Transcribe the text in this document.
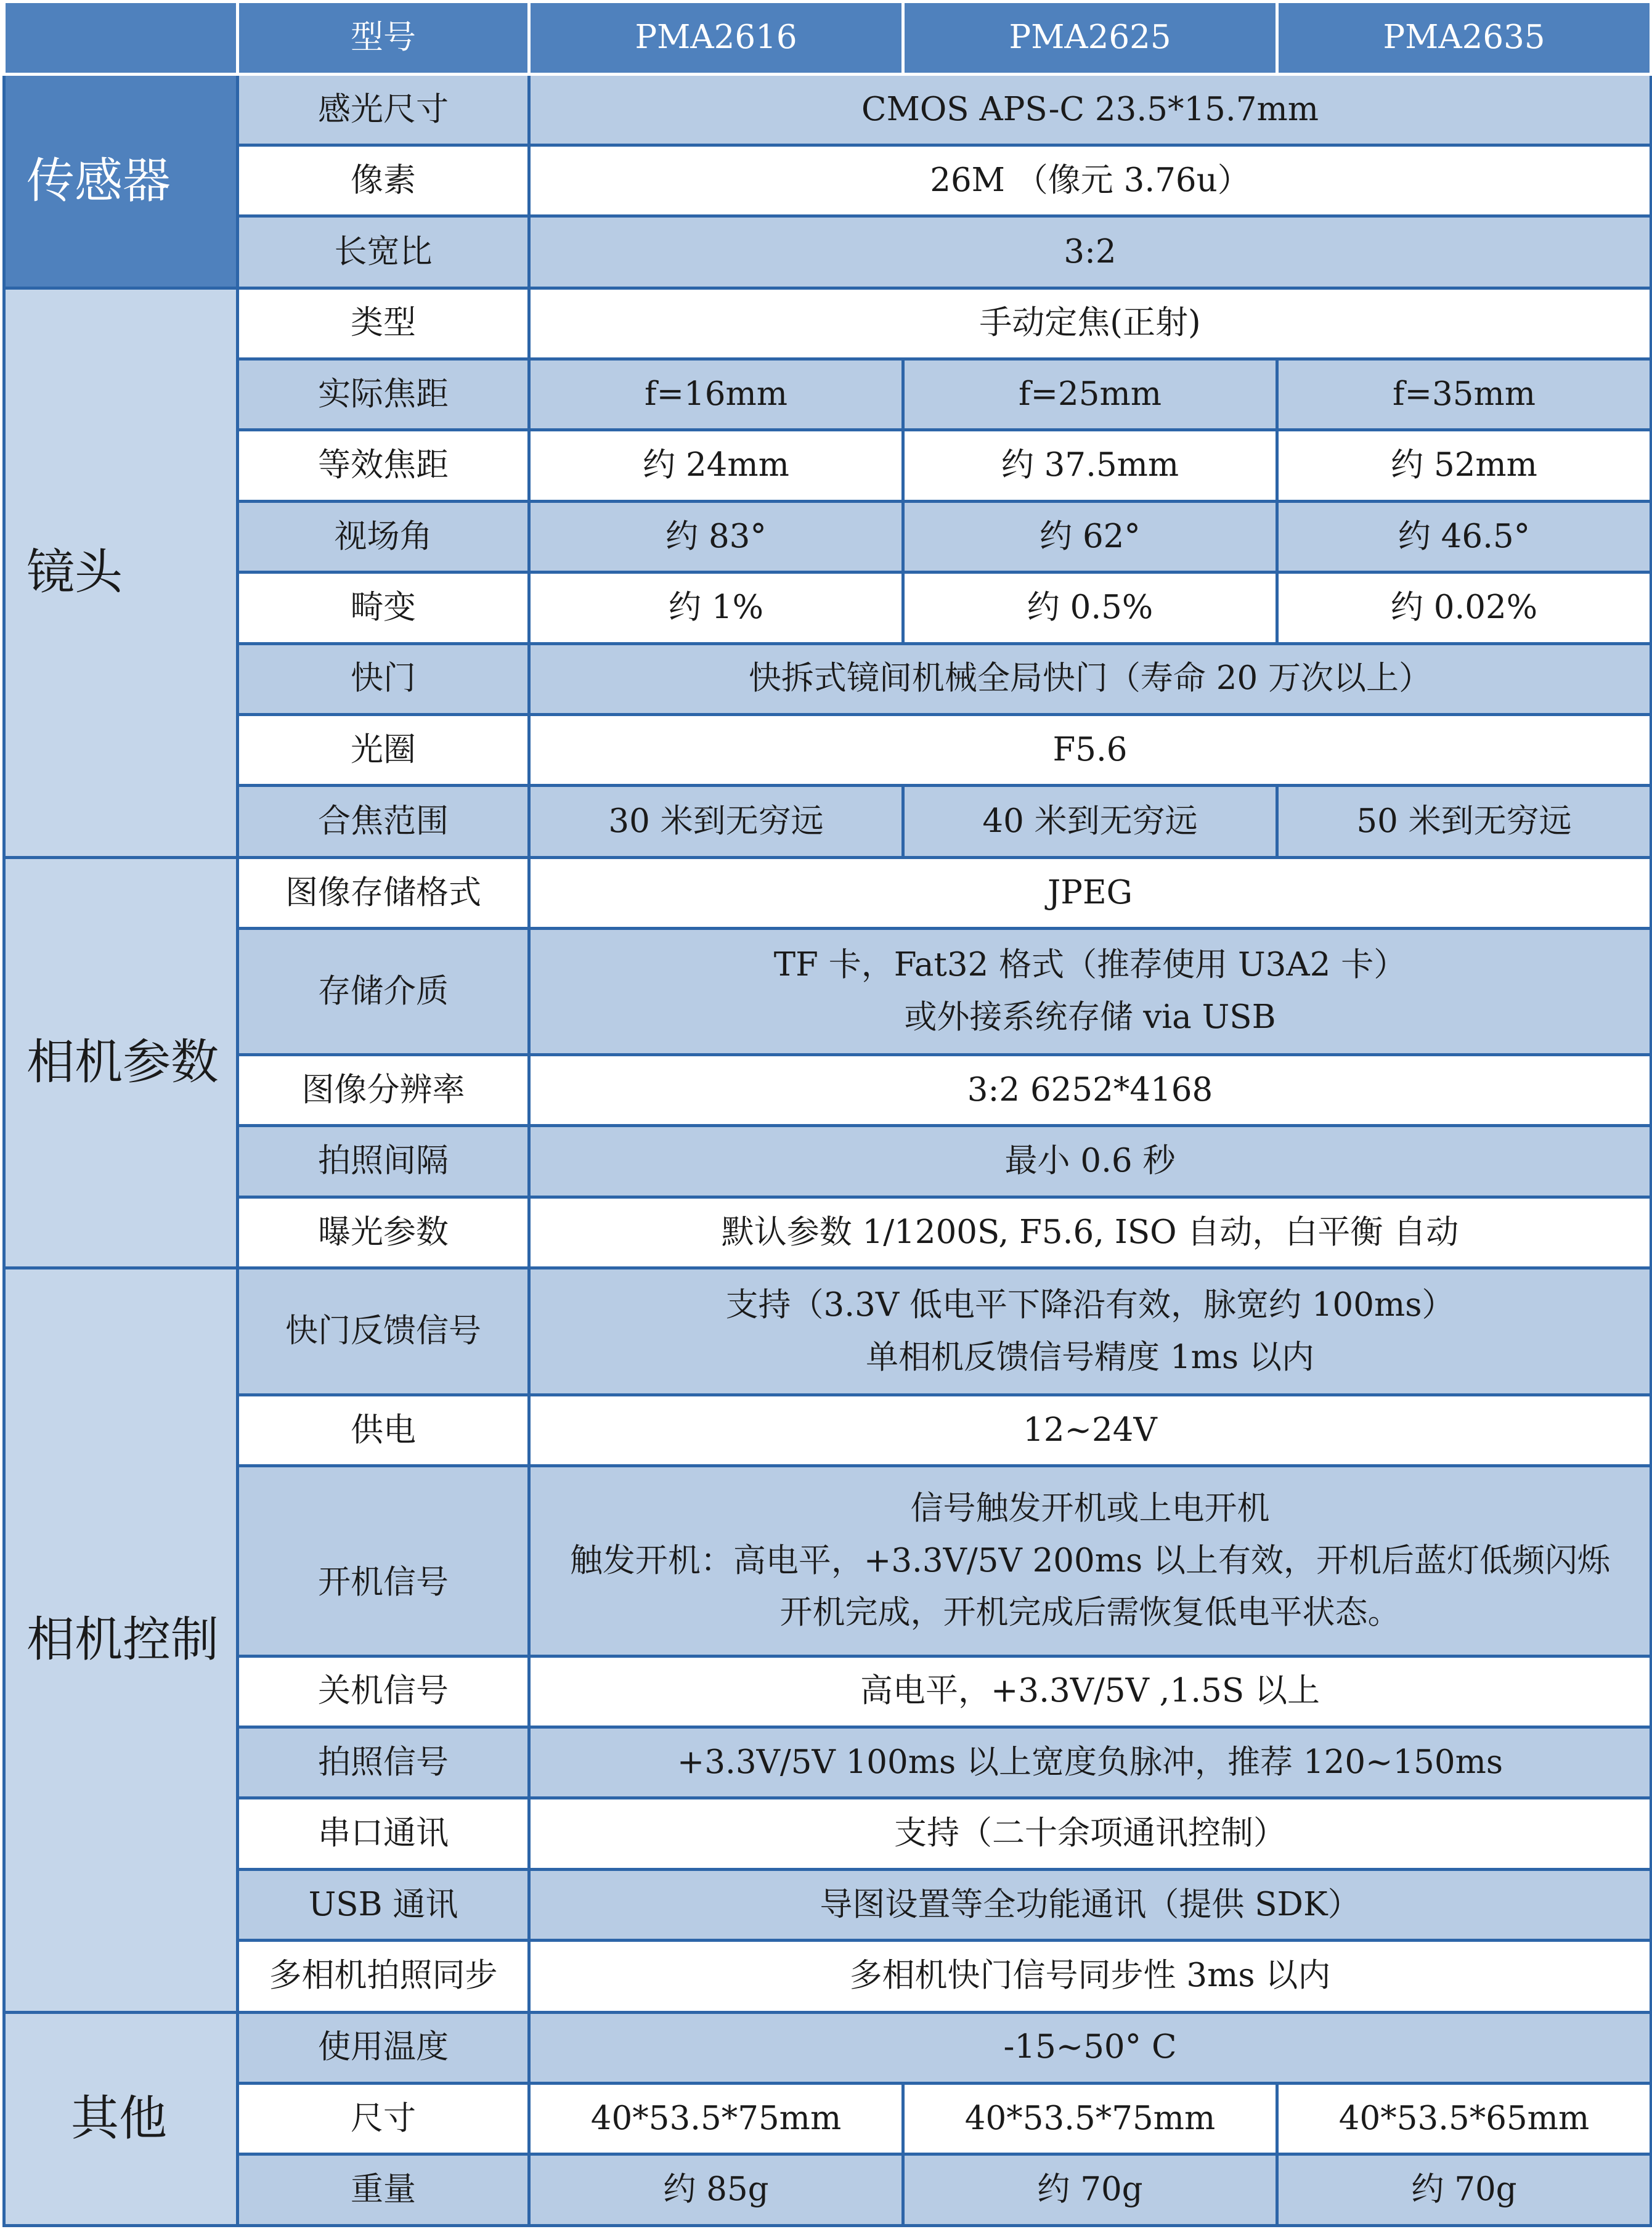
	型号	PMA2616	PMA2625	PMA2635
传感器	感光尺寸	CMOS APS-C 23.5*15.7mm		
	像素	26M （像元 3.76u）		
	长宽比	3:2		
镜头	类型	手动定焦(正射)		
	实际焦距	f=16mm	f=25mm	f=35mm
	等效焦距	约 24mm	约 37.5mm	约 52mm
	视场角	约 83°	约 62°	约 46.5°
	畸变	约 1%	约 0.5%	约 0.02%
	快门	快拆式镜间机械全局快门（寿命 20 万次以上）		
	光圈	F5.6		
	合焦范围	30 米到无穷远	40 米到无穷远	50 米到无穷远
相机参数	图像存储格式	JPEG		
	存储介质	TF 卡，Fat32 格式（推荐使用 U3A2 卡）
或外接系统存储 via USB		

	图像分辨率	3:2 6252*4168		
	拍照间隔	最小 0.6 秒		
	曝光参数	默认参数 1/1200S, F5.6, ISO 自动，白平衡 自动		
相机控制	快门反馈信号	支持（3.3V 低电平下降沿有效，脉宽约 100ms）
单相机反馈信号精度 1ms 以内		

	供电	12~24V		
	开机信号	信号触发开机或上电开机
触发开机：高电平，+3.3V/5V 200ms 以上有效，开机后蓝灯低频闪烁
开机完成，开机完成后需恢复低电平状态。		

	关机信号	高电平，+3.3V/5V ,1.5S 以上		
	拍照信号	+3.3V/5V 100ms 以上宽度负脉冲，推荐 120~150ms		
	串口通讯	支持（二十余项通讯控制）		
	USB 通讯	导图设置等全功能通讯（提供 SDK）		
	多相机拍照同步	多相机快门信号同步性 3ms 以内		
其他	使用温度	-15~50° C		
	尺寸	40*53.5*75mm	40*53.5*75mm	40*53.5*65mm
	重量	约 85g	约 70g	约 70g
